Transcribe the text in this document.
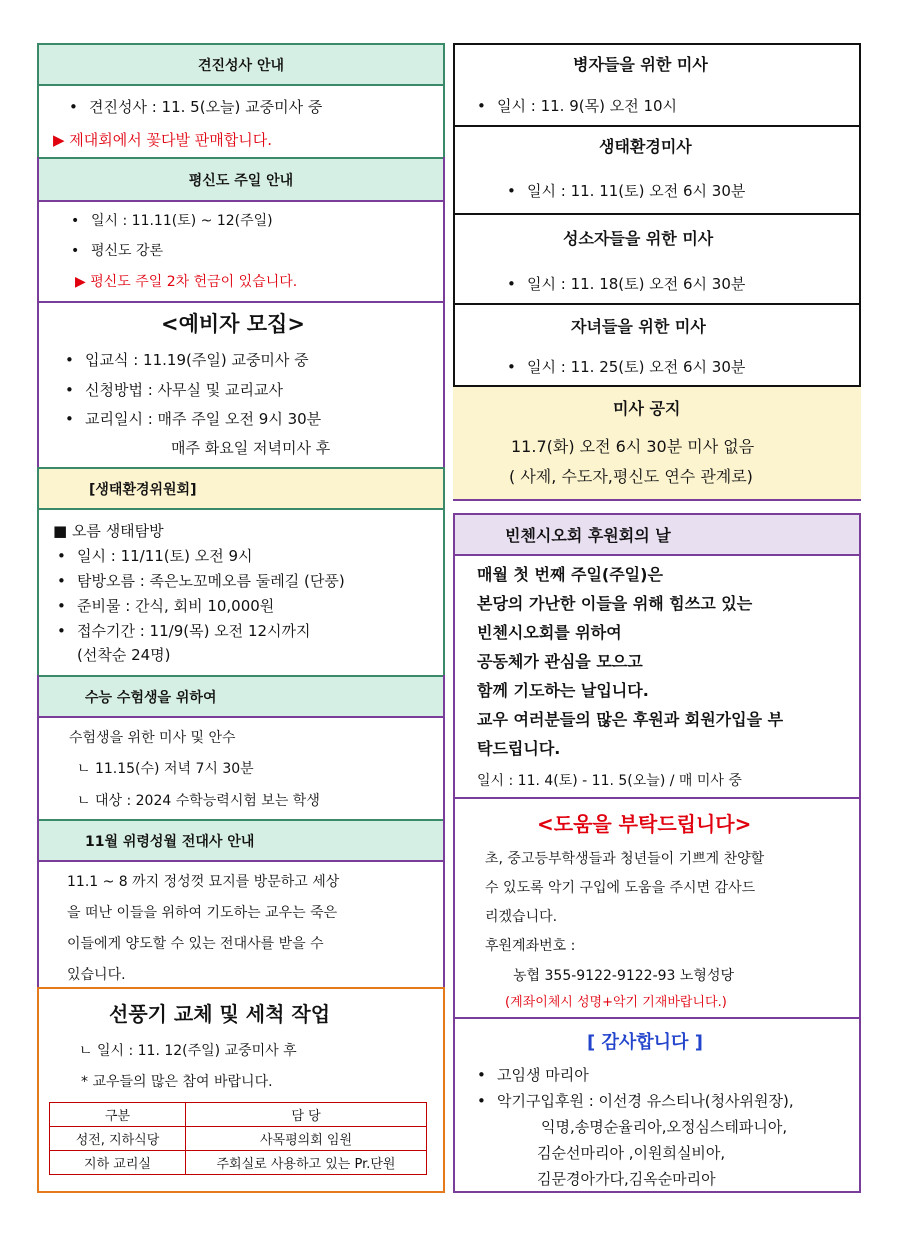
견진성사 안내
• 견진성사 : 11. 5(오늘) 교중미사 중
▶ 제대회에서 꽃다발 판매합니다.
평신도 주일 안내
• 일시 : 11.11(토) ~ 12(주일)
• 평신도 강론
▶ 평신도 주일 2차 헌금이 있습니다.
<예비자 모집>
• 입교식 : 11.19(주일) 교중미사 중
• 신청방법 : 사무실 및 교리교사
• 교리일시 : 매주 주일 오전 9시 30분
매주 화요일 저녁미사 후
[생태환경위원회]
■ 오름 생태탐방
• 일시 : 11/11(토) 오전 9시
• 탐방오름 : 족은노꼬메오름 둘레길 (단풍)
• 준비물 : 간식, 회비 10,000원
• 접수기간 : 11/9(목) 오전 12시까지
(선착순 24명)
수능 수험생을 위하여
수험생을 위한 미사 및 안수
ㄴ 11.15(수) 저녁 7시 30분
ㄴ 대상 : 2024 수학능력시험 보는 학생
11월 위령성월 전대사 안내
11.1 ~ 8 까지 정성껏 묘지를 방문하고 세상
을 떠난 이들을 위하여 기도하는 교우는 죽은
이들에게 양도할 수 있는 전대사를 받을 수
있습니다.
선풍기 교체 및 세척 작업
ㄴ 일시 : 11. 12(주일) 교중미사 후
* 교우들의 많은 참여 바랍니다.
구분	담 당
성전, 지하식당	사목평의회 임원
지하 교리실	주회실로 사용하고 있는 Pr.단원
병자들을 위한 미사
• 일시 : 11. 9(목) 오전 10시
생태환경미사
• 일시 : 11. 11(토) 오전 6시 30분
성소자들을 위한 미사
• 일시 : 11. 18(토) 오전 6시 30분
자녀들을 위한 미사
• 일시 : 11. 25(토) 오전 6시 30분
미사 공지
11.7(화) 오전 6시 30분 미사 없음
( 사제, 수도자,평신도 연수 관계로)
빈첸시오회 후원회의 날
매월 첫 번째 주일(주일)은
본당의 가난한 이들을 위해 힘쓰고 있는
빈첸시오회를 위하여
공동체가 관심을 모으고
함께 기도하는 날입니다.
교우 여러분들의 많은 후원과 회원가입을 부
탁드립니다.
일시 : 11. 4(토) - 11. 5(오늘) / 매 미사 중
<도움을 부탁드립니다>
초, 중고등부학생들과 청년들이 기쁘게 찬양할
수 있도록 악기 구입에 도움을 주시면 감사드
리겠습니다.
후원계좌번호 :
농협 355-9122-9122-93 노형성당
(계좌이체시 성명+악기 기재바랍니다.)
[ 감사합니다 ]
• 고임생 마리아
• 악기구입후원 : 이선경 유스티나(청사위원장),
익명,송명순율리아,오정심스테파니아,
김순선마리아 ,이원희실비아,
김문경아가다,김옥순마리아
